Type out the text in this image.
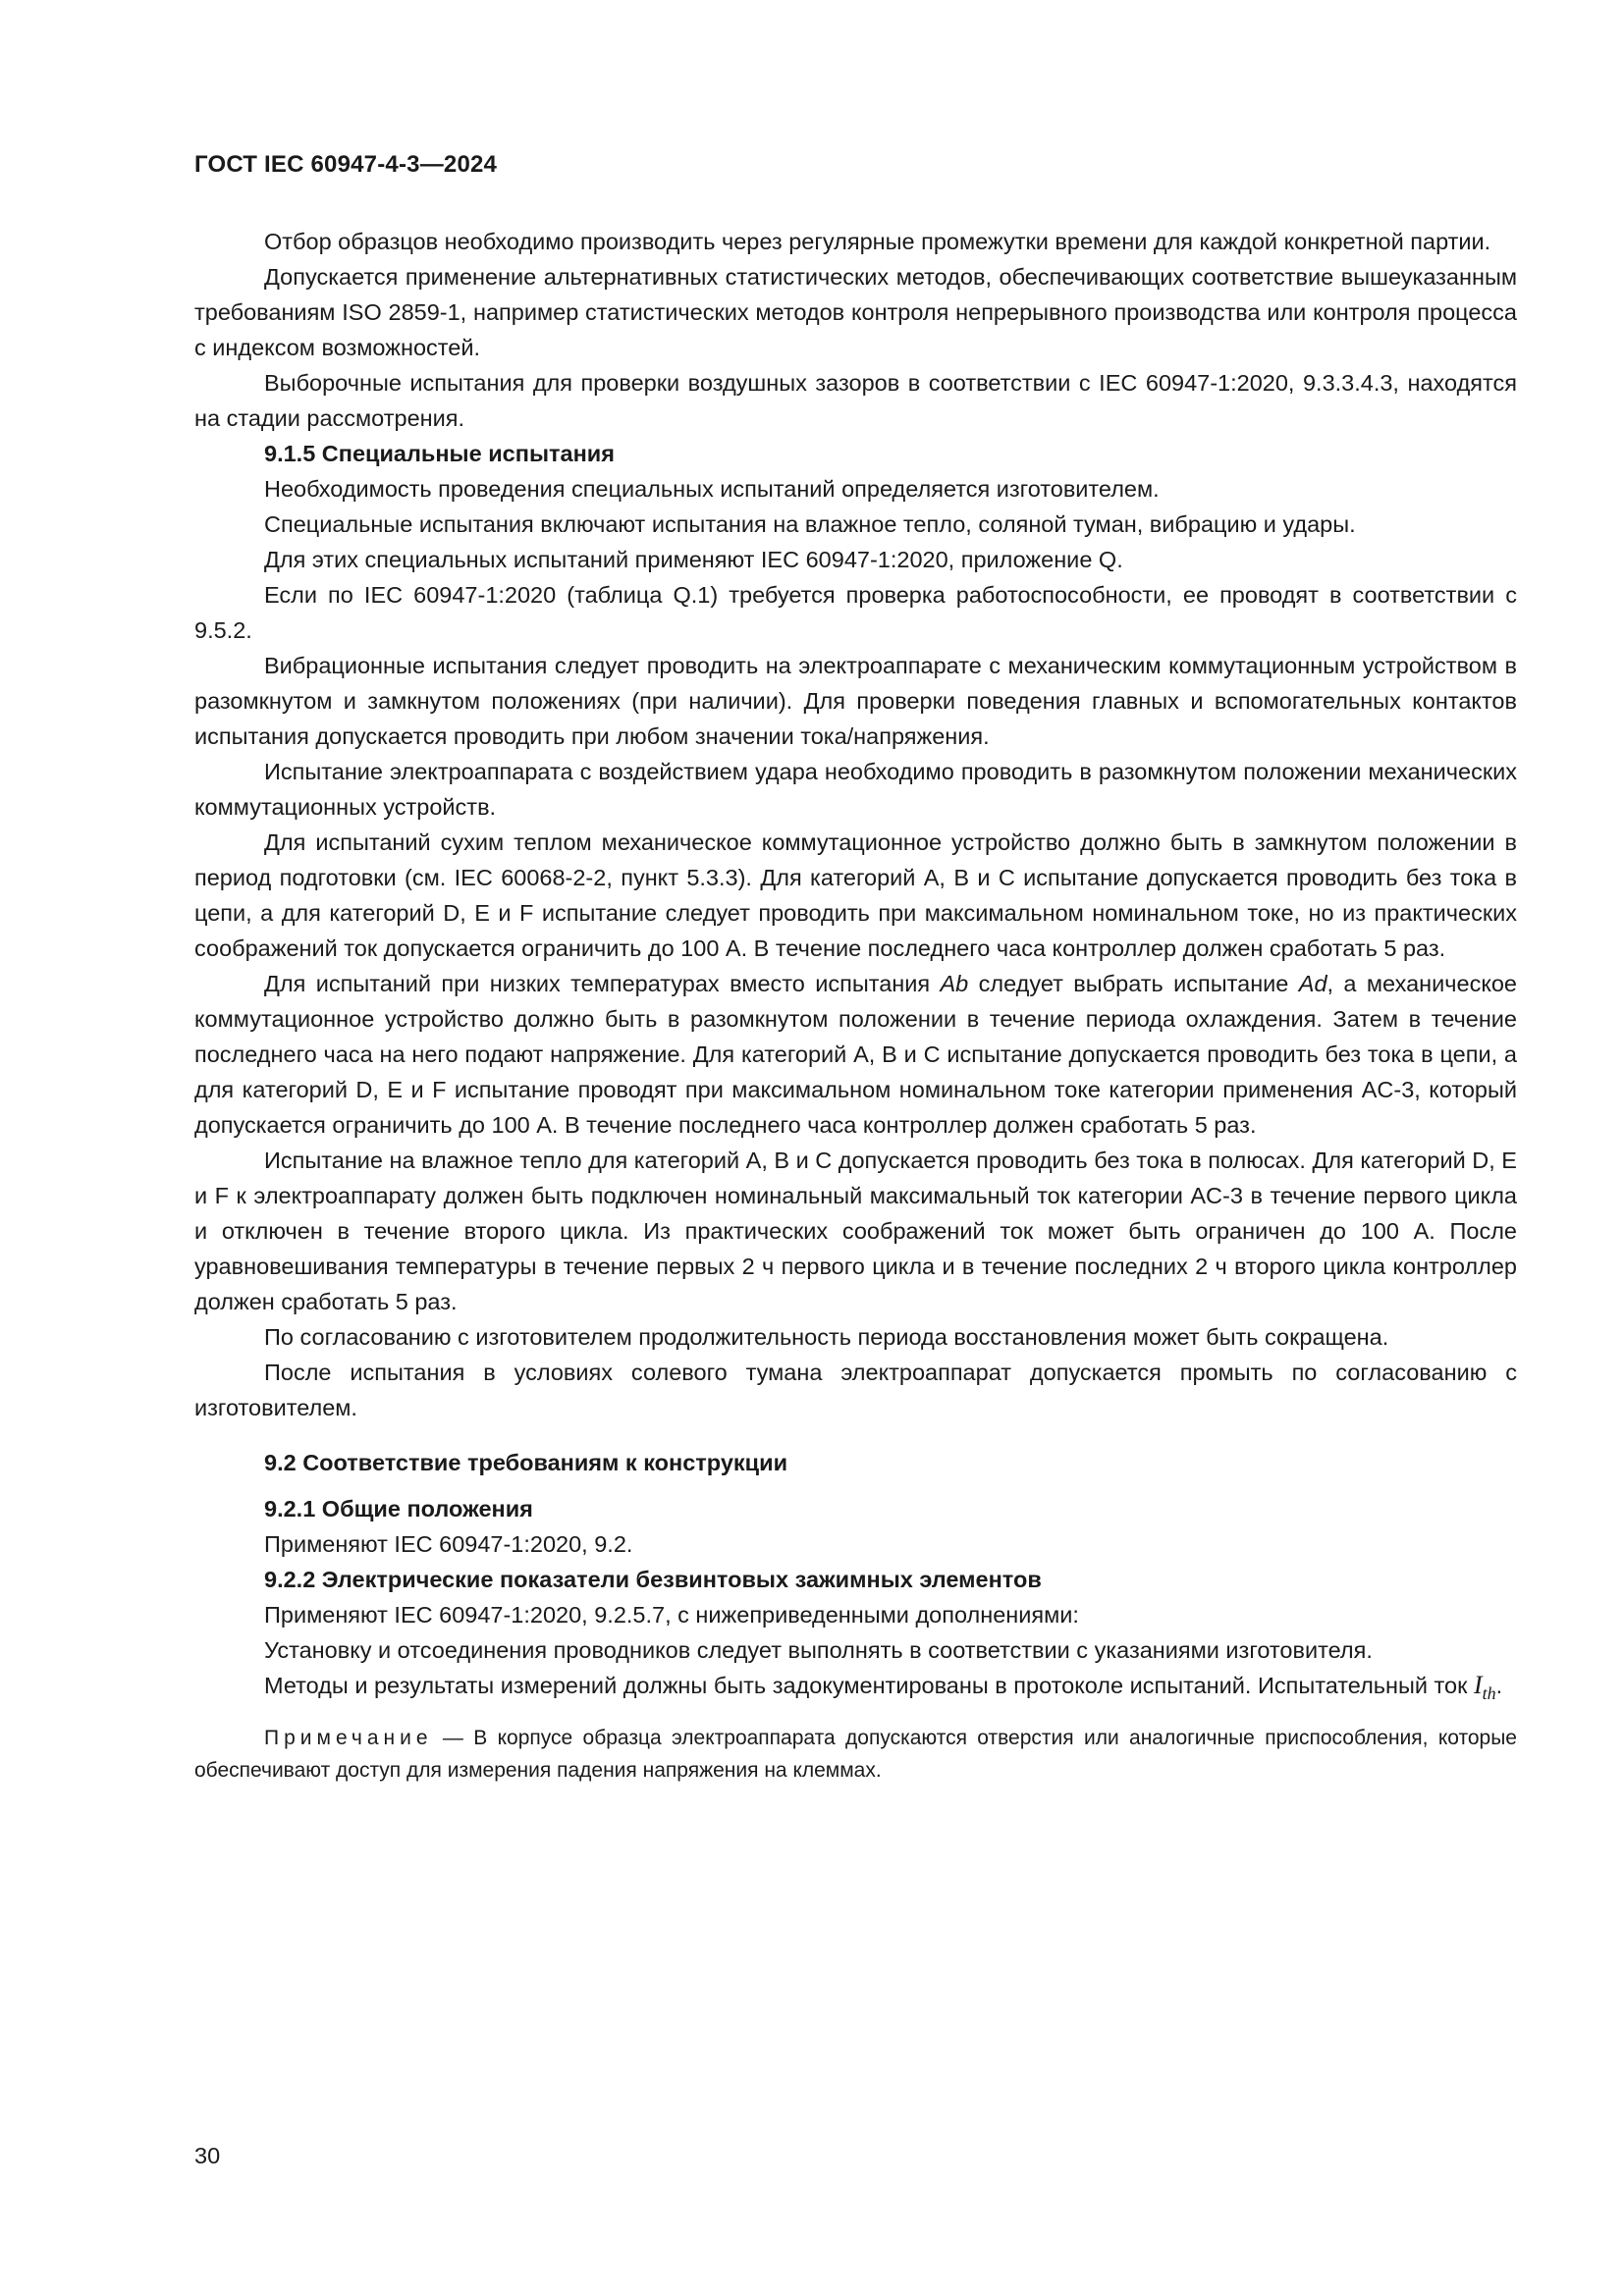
ГОСТ IEC 60947-4-3—2024

Отбор образцов необходимо производить через регулярные промежутки времени для каждой конкретной партии.

Допускается применение альтернативных статистических методов, обеспечивающих соответствие вышеуказанным требованиям ISO 2859-1, например статистических методов контроля непрерывного производства или контроля процесса с индексом возможностей.

Выборочные испытания для проверки воздушных зазоров в соответствии с IEC 60947-1:2020, 9.3.3.4.3, находятся на стадии рассмотрения.

9.1.5 Специальные испытания

Необходимость проведения специальных испытаний определяется изготовителем.

Специальные испытания включают испытания на влажное тепло, соляной туман, вибрацию и удары.

Для этих специальных испытаний применяют IEC 60947-1:2020, приложение Q.

Если по IEC 60947-1:2020 (таблица Q.1) требуется проверка работоспособности, ее проводят в соответствии с 9.5.2.

Вибрационные испытания следует проводить на электроаппарате с механическим коммутационным устройством в разомкнутом и замкнутом положениях (при наличии). Для проверки поведения главных и вспомогательных контактов испытания допускается проводить при любом значении тока/напряжения.

Испытание электроаппарата с воздействием удара необходимо проводить в разомкнутом положении механических коммутационных устройств.

Для испытаний сухим теплом механическое коммутационное устройство должно быть в замкнутом положении в период подготовки (см. IEC 60068-2-2, пункт 5.3.3). Для категорий A, B и C испытание допускается проводить без тока в цепи, а для категорий D, E и F испытание следует проводить при максимальном номинальном токе, но из практических соображений ток допускается ограничить до 100 А. В течение последнего часа контроллер должен сработать 5 раз.

Для испытаний при низких температурах вместо испытания Ab следует выбрать испытание Ad, а механическое коммутационное устройство должно быть в разомкнутом положении в течение периода охлаждения. Затем в течение последнего часа на него подают напряжение. Для категорий A, B и C испытание допускается проводить без тока в цепи, а для категорий D, E и F испытание проводят при максимальном номинальном токе категории применения AC-3, который допускается ограничить до 100 А. В течение последнего часа контроллер должен сработать 5 раз.

Испытание на влажное тепло для категорий A, B и C допускается проводить без тока в полюсах. Для категорий D, E и F к электроаппарату должен быть подключен номинальный максимальный ток категории AC-3 в течение первого цикла и отключен в течение второго цикла. Из практических соображений ток может быть ограничен до 100 А. После уравновешивания температуры в течение первых 2 ч первого цикла и в течение последних 2 ч второго цикла контроллер должен сработать 5 раз.

По согласованию с изготовителем продолжительность периода восстановления может быть сокращена.

После испытания в условиях солевого тумана электроаппарат допускается промыть по согласованию с изготовителем.

9.2 Соответствие требованиям к конструкции

9.2.1 Общие положения

Применяют IEC 60947-1:2020, 9.2.

9.2.2 Электрические показатели безвинтовых зажимных элементов

Применяют IEC 60947-1:2020, 9.2.5.7, с нижеприведенными дополнениями:

Установку и отсоединения проводников следует выполнять в соответствии с указаниями изготовителя.

Методы и результаты измерений должны быть задокументированы в протоколе испытаний. Испытательный ток $I_{th}$.

Примечание — В корпусе образца электроаппарата допускаются отверстия или аналогичные приспособления, которые обеспечивают доступ для измерения падения напряжения на клеммах.

30
